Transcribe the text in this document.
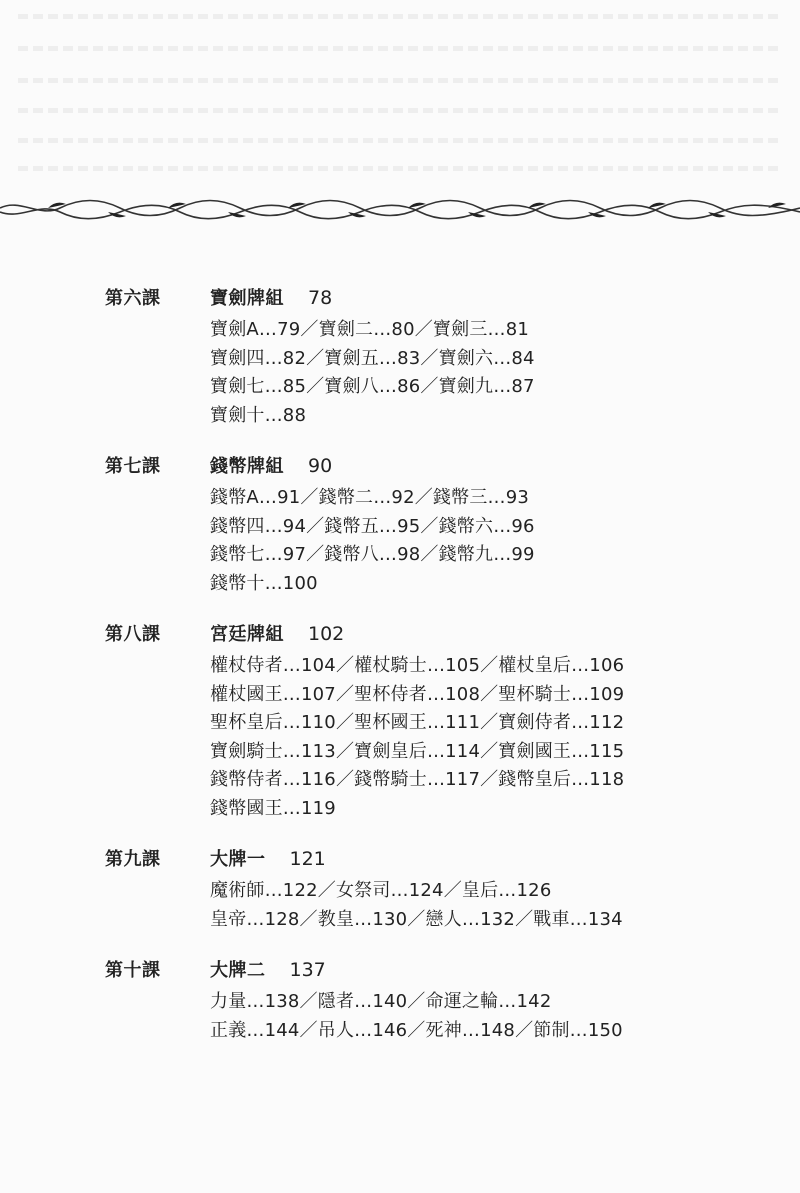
第六課	寶劍牌組 78
寶劍A…79／寶劍二…80／寶劍三…81
寶劍四…82／寶劍五…83／寶劍六…84
寶劍七…85／寶劍八…86／寶劍九…87
寶劍十…88
第七課	錢幣牌組 90
錢幣A…91／錢幣二…92／錢幣三…93
錢幣四…94／錢幣五…95／錢幣六…96
錢幣七…97／錢幣八…98／錢幣九…99
錢幣十…100
第八課	宮廷牌組 102
權杖侍者…104／權杖騎士…105／權杖皇后…106
權杖國王…107／聖杯侍者…108／聖杯騎士…109
聖杯皇后…110／聖杯國王…111／寶劍侍者…112
寶劍騎士…113／寶劍皇后…114／寶劍國王…115
錢幣侍者…116／錢幣騎士…117／錢幣皇后…118
錢幣國王…119
第九課	大牌一 121
魔術師…122／女祭司…124／皇后…126
皇帝…128／教皇…130／戀人…132／戰車…134
第十課	大牌二 137
力量…138／隱者…140／命運之輪…142
正義…144／吊人…146／死神…148／節制…150
